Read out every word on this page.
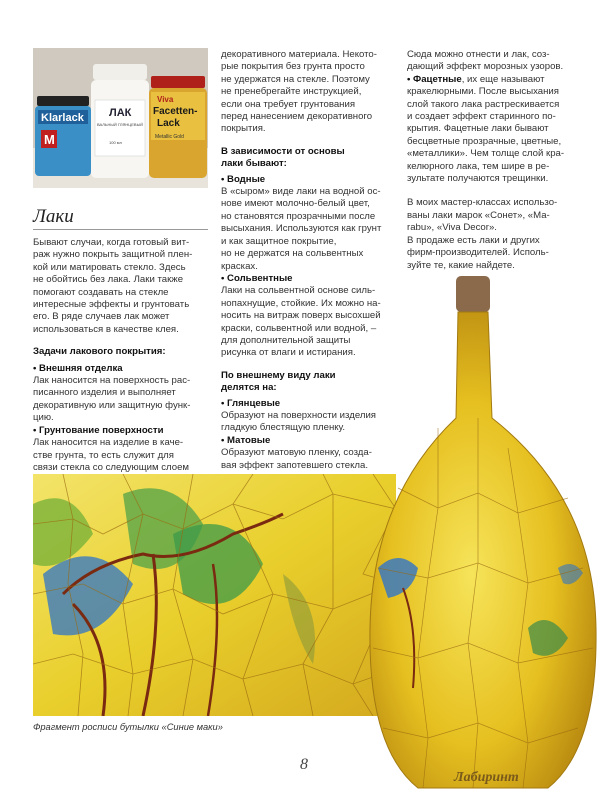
Klarlack
M
ЛАК
ВАЛЬНЫЙ ГЛЯНЦЕВЫЙ
100 мл
Viva
Facetten-
Lack
Metallic Gold
Лаки

Бывают случаи, когда готовый вит-

раж нужно покрыть защитной плен-

кой или матировать стекло. Здесь

не обойтись без лака. Лаки также

помогают создавать на стекле

интересные эффекты и грунтовать

его. В ряде случаев лак может

использоваться в качестве клея.

Задачи лакового покрытия:

• Внешняя отделка

Лак наносится на поверхность рас-

писанного изделия и выполняет

декоративную или защитную функ-

цию.

• Грунтование поверхности

Лак наносится на изделие в каче-

стве грунта, то есть служит для

связи стекла со следующим слоем

декоративного материала. Некото-

рые покрытия без грунта просто

не удержатся на стекле. Поэтому

не пренебрегайте инструкцией,

если она требует грунтования

перед нанесением декоративного

покрытия.

В зависимости от основы

лаки бывают:

• Водные

В «сыром» виде лаки на водной ос-

нове имеют молочно-белый цвет,

но становятся прозрачными после

высыхания. Используются как грунт

и как защитное покрытие,

но не держатся на сольвентных

красках.

• Сольвентные

Лаки на сольвентной основе силь-

нопахнущие, стойкие. Их можно на-

носить на витраж поверх высохшей

краски, сольвентной или водной, –

для дополнительной защиты

рисунка от влаги и истирания.

По внешнему виду лаки

делятся на:

• Глянцевые

Образуют на поверхности изделия

гладкую блестящую пленку.

• Матовые

Образуют матовую пленку, созда-

вая эффект запотевшего стекла.

Сюда можно отнести и лак, соз-

дающий эффект морозных узоров.

• Фацетные, их еще называют

кракелюрными. После высыхания

слой такого лака растрескивается

и создает эффект старинного по-

крытия. Фацетные лаки бывают

бесцветные прозрачные, цветные,

«металлики». Чем толще слой кра-

келюрного лака, тем шире в ре-

зультате получаются трещинки.

В моих мастер-классах использо-

ваны лаки марок «Сонет», «Ма-

rabu», «Viva Decor».

В продаже есть лаки и других

фирм-производителей. Исполь-

зуйте те, какие найдете.

Фрагмент росписи бутылки «Синие маки»
8
Лабиринт
